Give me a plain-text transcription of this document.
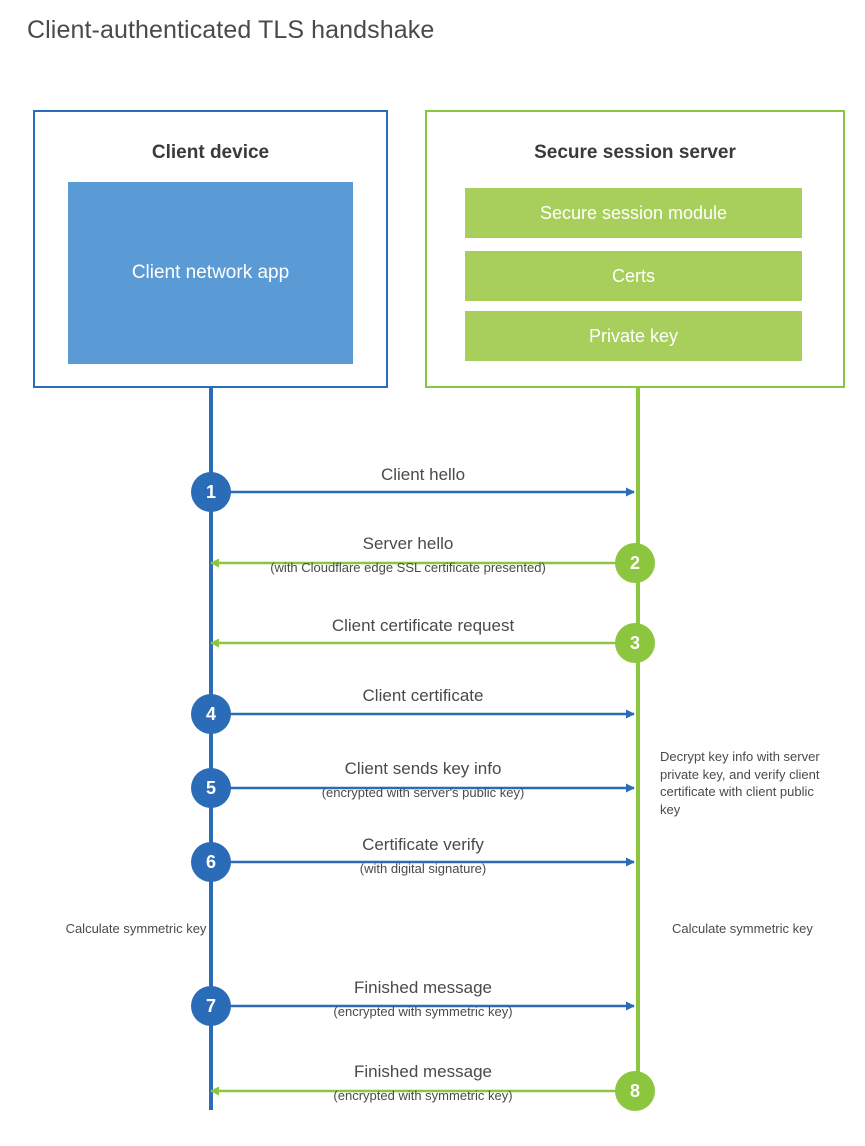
Client-authenticated TLS handshake
Client device
Client network app
Secure session server
Secure session module
Certs
Private key
1
2
3
4
5
6
7
8
Client hello
Server hello
(with Cloudflare edge SSL certificate presented)
Client certificate request
Client certificate
Client sends key info
(encrypted with server's public key)
Certificate verify
(with digital signature)
Finished message
(encrypted with symmetric key)
Finished message
(encrypted with symmetric key)
Decrypt key info with server private key, and verify client certificate with client public key
Calculate symmetric key	Calculate symmetric key
